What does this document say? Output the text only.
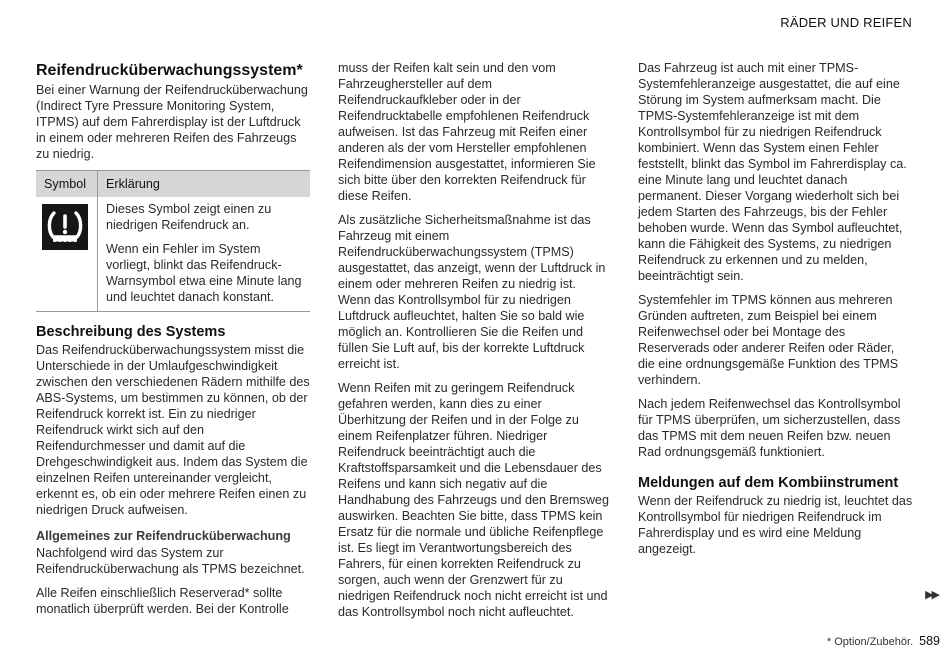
RÄDER UND REIFEN
Reifendrucküberwachungssystem*

Bei einer Warnung der Reifendrucküberwachung (Indirect Tyre Pressure Monitoring System, ITPMS) auf dem Fahrerdisplay ist der Luftdruck in einem oder mehreren Reifen des Fahrzeugs zu niedrig.

Symbol	Erklärung

Dieses Symbol zeigt einen zu niedrigen Reifendruck an.

Wenn ein Fehler im System vorliegt, blinkt das Reifendruck-Warnsymbol etwa eine Minute lang und leuchtet danach konstant.

Beschreibung des Systems

Das Reifendrucküberwachungssystem misst die Unterschiede in der Umlaufgeschwindigkeit zwischen den verschiedenen Rädern mithilfe des ABS-Systems, um bestimmen zu können, ob der Reifendruck korrekt ist. Ein zu niedriger Reifendruck wirkt sich auf den Reifendurchmesser und damit auf die Drehgeschwindigkeit aus. Indem das System die einzelnen Reifen untereinander vergleicht, erkennt es, ob ein oder mehrere Reifen einen zu niedrigen Druck aufweisen.

Allgemeines zur Reifendrucküberwachung

Nachfolgend wird das System zur Reifendrucküberwachung als TPMS bezeichnet.

Alle Reifen einschließlich Reserverad* sollte monatlich überprüft werden. Bei der Kontrolle

muss der Reifen kalt sein und den vom Fahrzeughersteller auf dem Reifendruckaufkleber oder in der Reifendrucktabelle empfohlenen Reifendruck aufweisen. Ist das Fahrzeug mit Reifen einer anderen als der vom Hersteller empfohlenen Reifendimension ausgestattet, informieren Sie sich bitte über den korrekten Reifendruck für diese Reifen.

Als zusätzliche Sicherheitsmaßnahme ist das Fahrzeug mit einem Reifendrucküberwachungssystem (TPMS) ausgestattet, das anzeigt, wenn der Luftdruck in einem oder mehreren Reifen zu niedrig ist. Wenn das Kontrollsymbol für zu niedrigen Luftdruck aufleuchtet, halten Sie so bald wie möglich an. Kontrollieren Sie die Reifen und füllen Sie Luft auf, bis der korrekte Luftdruck erreicht ist.

Wenn Reifen mit zu geringem Reifendruck gefahren werden, kann dies zu einer Überhitzung der Reifen und in der Folge zu einem Reifenplatzer führen. Niedriger Reifendruck beeinträchtigt auch die Kraftstoffsparsamkeit und die Lebensdauer des Reifens und kann sich negativ auf die Handhabung des Fahrzeugs und den Bremsweg auswirken. Beachten Sie bitte, dass TPMS kein Ersatz für die normale und übliche Reifenpflege ist. Es liegt im Verantwortungsbereich des Fahrers, für einen korrekten Reifendruck zu sorgen, auch wenn der Grenzwert für zu niedrigen Reifendruck noch nicht erreicht ist und das Kontrollsymbol noch nicht aufleuchtet.

Das Fahrzeug ist auch mit einer TPMS-Systemfehleranzeige ausgestattet, die auf eine Störung im System aufmerksam macht. Die TPMS-Systemfehleranzeige ist mit dem Kontrollsymbol für zu niedrigen Reifendruck kombiniert. Wenn das System einen Fehler feststellt, blinkt das Symbol im Fahrerdisplay ca. eine Minute lang und leuchtet danach permanent. Dieser Vorgang wiederholt sich bei jedem Starten des Fahrzeugs, bis der Fehler behoben wurde. Wenn das Symbol aufleuchtet, kann die Fähigkeit des Systems, zu niedrigen Reifendruck zu erkennen und zu melden, beeinträchtigt sein.

Systemfehler im TPMS können aus mehreren Gründen auftreten, zum Beispiel bei einem Reifenwechsel oder bei Montage des Reserverads oder anderer Reifen oder Räder, die eine ordnungsgemäße Funktion des TPMS verhindern.

Nach jedem Reifenwechsel das Kontrollsymbol für TPMS überprüfen, um sicherzustellen, dass das TPMS mit dem neuen Reifen bzw. neuen Rad ordnungsgemäß funktioniert.

Meldungen auf dem Kombiinstrument

Wenn der Reifendruck zu niedrig ist, leuchtet das Kontrollsymbol für niedrigen Reifendruck im Fahrerdisplay und es wird eine Meldung angezeigt.

▶▶
* Option/Zubehör. 589
